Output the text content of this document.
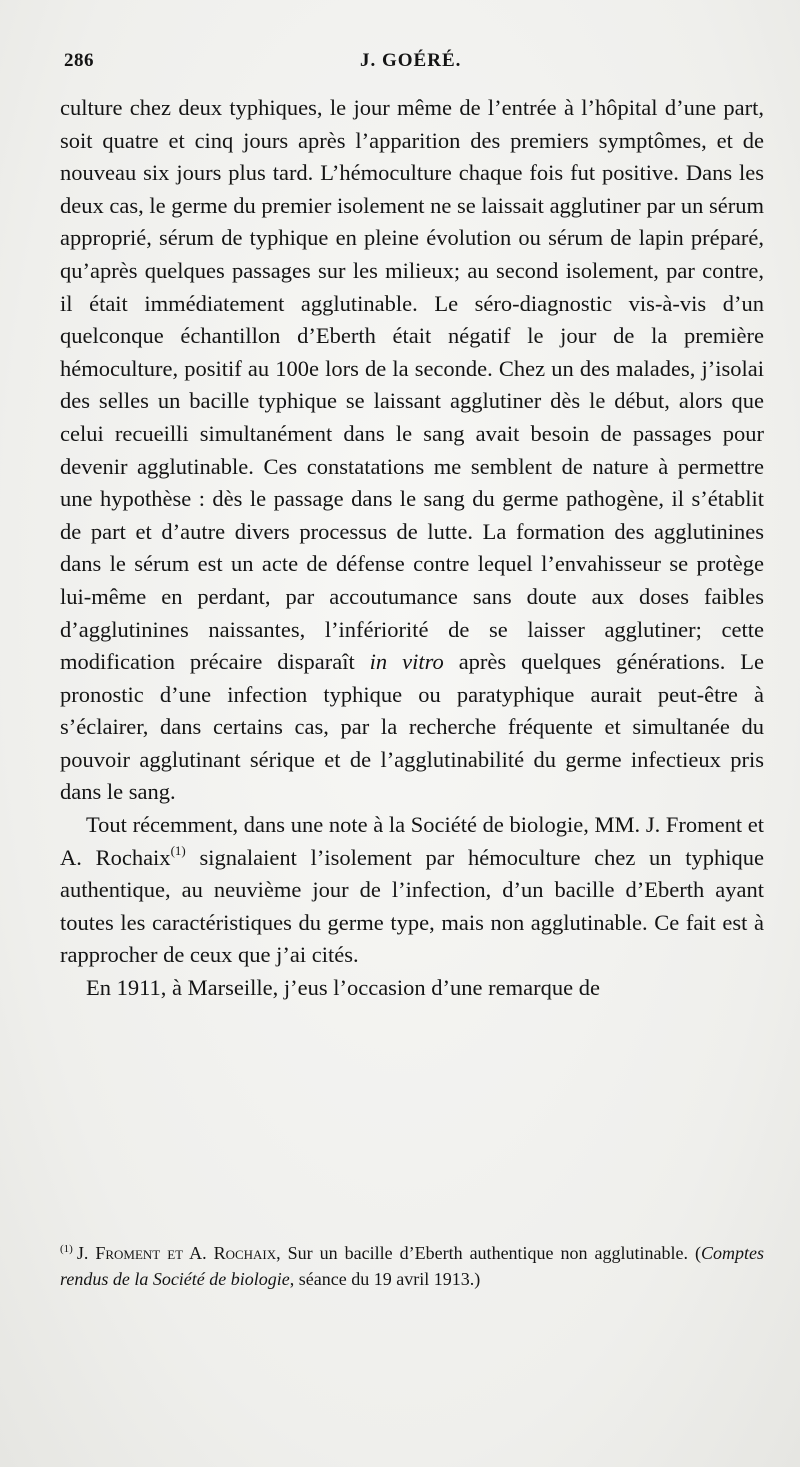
286	J. GOÉRÉ.

culture chez deux typhiques, le jour même de l’entrée à l’hôpital d’une part, soit quatre et cinq jours après l’apparition des premiers symptômes, et de nouveau six jours plus tard. L’hémoculture chaque fois fut positive. Dans les deux cas, le germe du premier isolement ne se laissait agglutiner par un sérum approprié, sérum de typhique en pleine évolution ou sérum de lapin préparé, qu’après quelques passages sur les milieux; au second isolement, par contre, il était immédiatement agglutinable. Le séro-diagnostic vis-à-vis d’un quelconque échantillon d’Eberth était négatif le jour de la première hémoculture, positif au 100e lors de la seconde. Chez un des malades, j’isolai des selles un bacille typhique se laissant agglutiner dès le début, alors que celui recueilli simultanément dans le sang avait besoin de passages pour devenir agglutinable. Ces constatations me semblent de nature à permettre une hypothèse : dès le passage dans le sang du germe pathogène, il s’établit de part et d’autre divers processus de lutte. La formation des agglutinines dans le sérum est un acte de défense contre lequel l’envahisseur se protège lui-même en perdant, par accoutumance sans doute aux doses faibles d’agglutinines naissantes, l’infériorité de se laisser agglutiner; cette modification précaire disparaît in vitro après quelques générations. Le pronostic d’une infection typhique ou paratyphique aurait peut-être à s’éclairer, dans certains cas, par la recherche fréquente et simultanée du pouvoir agglutinant sérique et de l’agglutinabilité du germe infectieux pris dans le sang.

Tout récemment, dans une note à la Société de biologie, MM. J. Froment et A. Rochaix$^{(1)}$ signalaient l’isolement par hémoculture chez un typhique authentique, au neuvième jour de l’infection, d’un bacille d’Eberth ayant toutes les caractéristiques du germe type, mais non agglutinable. Ce fait est à rapprocher de ceux que j’ai cités.

En 1911, à Marseille, j’eus l’occasion d’une remarque de

$^{(1)}$ J. Froment et A. Rochaix, Sur un bacille d’Eberth authentique non agglutinable. (Comptes rendus de la Société de biologie, séance du 19 avril 1913.)
